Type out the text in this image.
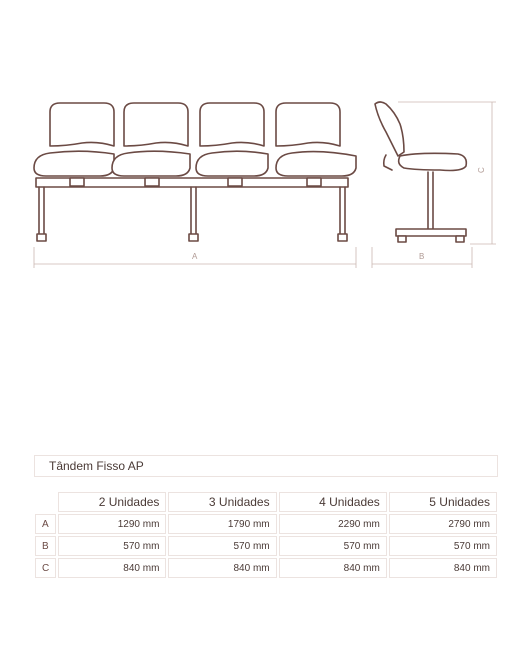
A	B
C
Tândem Fisso AP
	2 Unidades	3 Unidades	4 Unidades	5 Unidades
A	1290 mm	1790 mm	2290 mm	2790 mm
B	570 mm	570 mm	570 mm	570 mm
C	840 mm	840 mm	840 mm	840 mm
